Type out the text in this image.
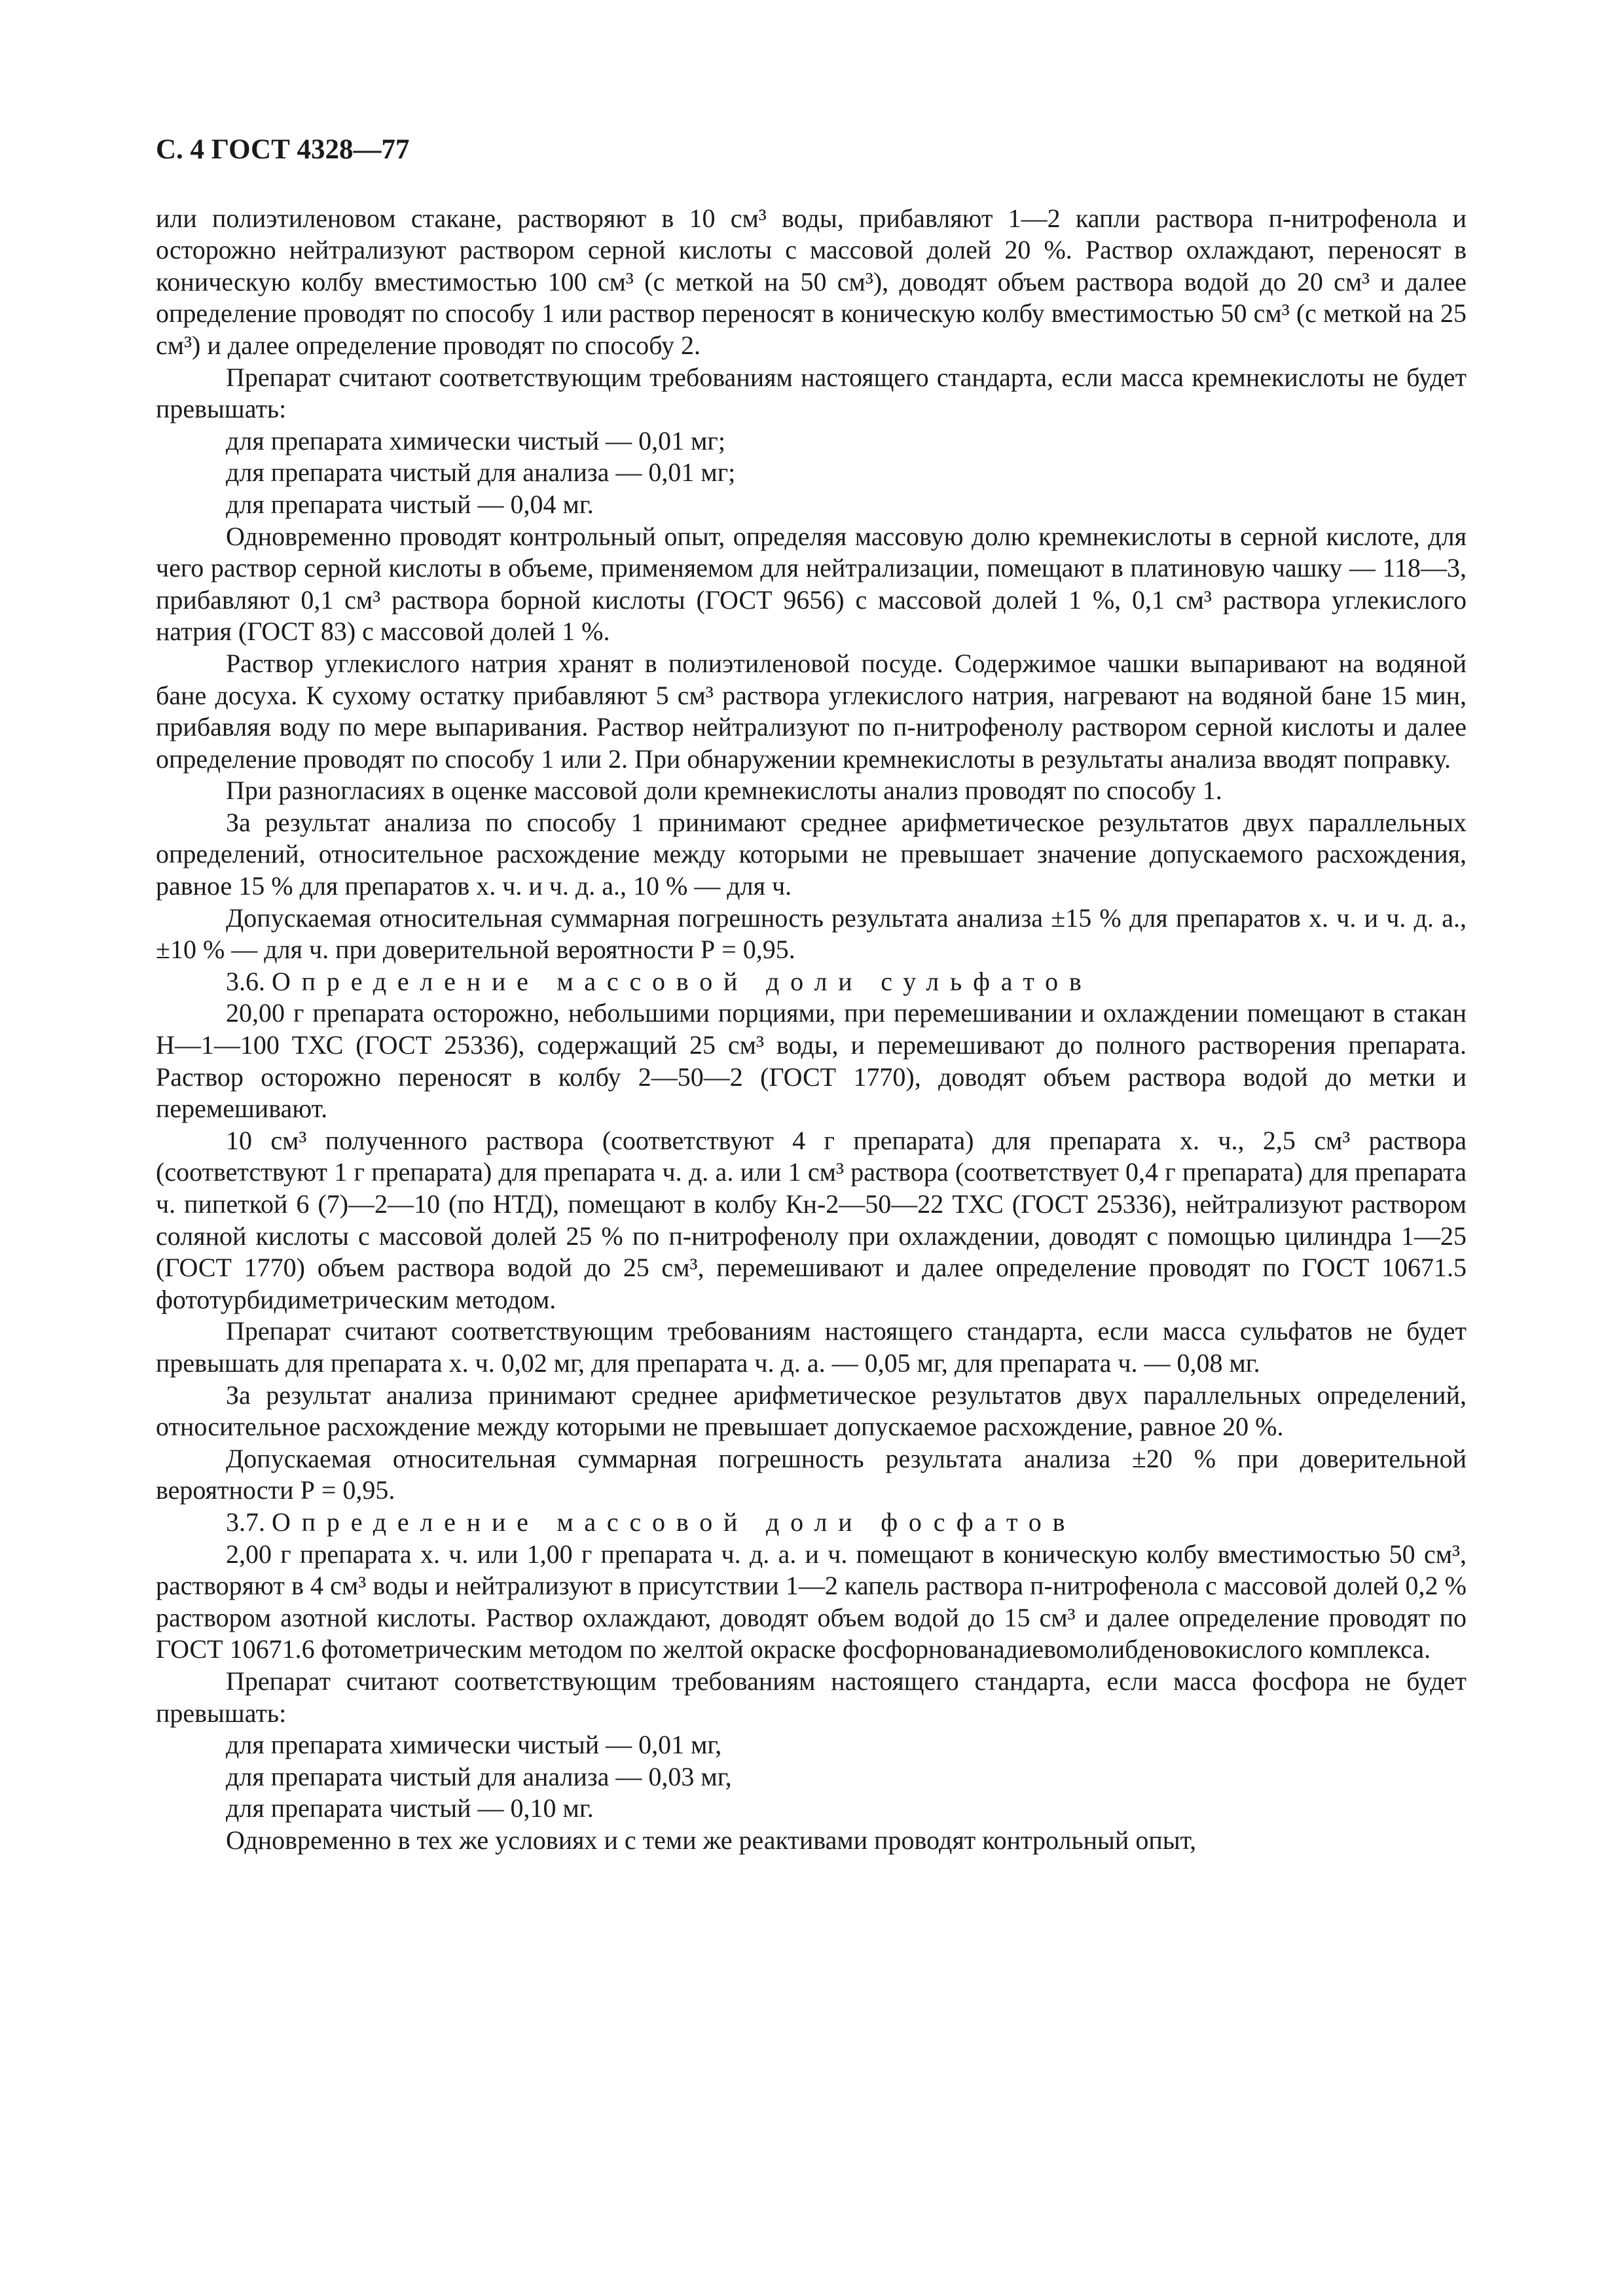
С. 4 ГОСТ 4328—77

или полиэтиленовом стакане, растворяют в 10 см³ воды, прибавляют 1—2 капли раствора п-нитрофенола и осторожно нейтрализуют раствором серной кислоты с массовой долей 20 %. Раствор охлаждают, переносят в коническую колбу вместимостью 100 см³ (с меткой на 50 см³), доводят объем раствора водой до 20 см³ и далее определение проводят по способу 1 или раствор переносят в коническую колбу вместимостью 50 см³ (с меткой на 25 см³) и далее определение проводят по способу 2.

Препарат считают соответствующим требованиям настоящего стандарта, если масса кремнекислоты не будет превышать:

для препарата химически чистый — 0,01 мг;

для препарата чистый для анализа — 0,01 мг;

для препарата чистый — 0,04 мг.

Одновременно проводят контрольный опыт, определяя массовую долю кремнекислоты в серной кислоте, для чего раствор серной кислоты в объеме, применяемом для нейтрализации, помещают в платиновую чашку — 118—3, прибавляют 0,1 см³ раствора борной кислоты (ГОСТ 9656) с массовой долей 1 %, 0,1 см³ раствора углекислого натрия (ГОСТ 83) с массовой долей 1 %.

Раствор углекислого натрия хранят в полиэтиленовой посуде. Содержимое чашки выпаривают на водяной бане досуха. К сухому остатку прибавляют 5 см³ раствора углекислого натрия, нагревают на водяной бане 15 мин, прибавляя воду по мере выпаривания. Раствор нейтрализуют по п-нитрофенолу раствором серной кислоты и далее определение проводят по способу 1 или 2. При обнаружении кремнекислоты в результаты анализа вводят поправку.

При разногласиях в оценке массовой доли кремнекислоты анализ проводят по способу 1.

За результат анализа по способу 1 принимают среднее арифметическое результатов двух параллельных определений, относительное расхождение между которыми не превышает значение допускаемого расхождения, равное 15 % для препаратов х. ч. и ч. д. а., 10 % — для ч.

Допускаемая относительная суммарная погрешность результата анализа ±15 % для препаратов х. ч. и ч. д. а., ±10 % — для ч. при доверительной вероятности Р = 0,95.

3.6. Определение массовой доли сульфатов

20,00 г препарата осторожно, небольшими порциями, при перемешивании и охлаждении помещают в стакан Н—1—100 ТХС (ГОСТ 25336), содержащий 25 см³ воды, и перемешивают до полного растворения препарата. Раствор осторожно переносят в колбу 2—50—2 (ГОСТ 1770), доводят объем раствора водой до метки и перемешивают.

10 см³ полученного раствора (соответствуют 4 г препарата) для препарата х. ч., 2,5 см³ раствора (соответствуют 1 г препарата) для препарата ч. д. а. или 1 см³ раствора (соответствует 0,4 г препарата) для препарата ч. пипеткой 6 (7)—2—10 (по НТД), помещают в колбу Кн-2—50—22 ТХС (ГОСТ 25336), нейтрализуют раствором соляной кислоты с массовой долей 25 % по п-нитрофенолу при охлаждении, доводят с помощью цилиндра 1—25 (ГОСТ 1770) объем раствора водой до 25 см³, перемешивают и далее определение проводят по ГОСТ 10671.5 фототурбидиметрическим методом.

Препарат считают соответствующим требованиям настоящего стандарта, если масса сульфатов не будет превышать для препарата х. ч. 0,02 мг, для препарата ч. д. а. — 0,05 мг, для препарата ч. — 0,08 мг.

За результат анализа принимают среднее арифметическое результатов двух параллельных определений, относительное расхождение между которыми не превышает допускаемое расхождение, равное 20 %.

Допускаемая относительная суммарная погрешность результата анализа ±20 % при доверительной вероятности Р = 0,95.

3.7. Определение массовой доли фосфатов

2,00 г препарата х. ч. или 1,00 г препарата ч. д. а. и ч. помещают в коническую колбу вместимостью 50 см³, растворяют в 4 см³ воды и нейтрализуют в присутствии 1—2 капель раствора п-нитрофенола с массовой долей 0,2 % раствором азотной кислоты. Раствор охлаждают, доводят объем водой до 15 см³ и далее определение проводят по ГОСТ 10671.6 фотометрическим методом по желтой окраске фосфорнованадиевомолибденовокислого комплекса.

Препарат считают соответствующим требованиям настоящего стандарта, если масса фосфора не будет превышать:

для препарата химически чистый — 0,01 мг,

для препарата чистый для анализа — 0,03 мг,

для препарата чистый — 0,10 мг.

Одновременно в тех же условиях и с теми же реактивами проводят контрольный опыт,
